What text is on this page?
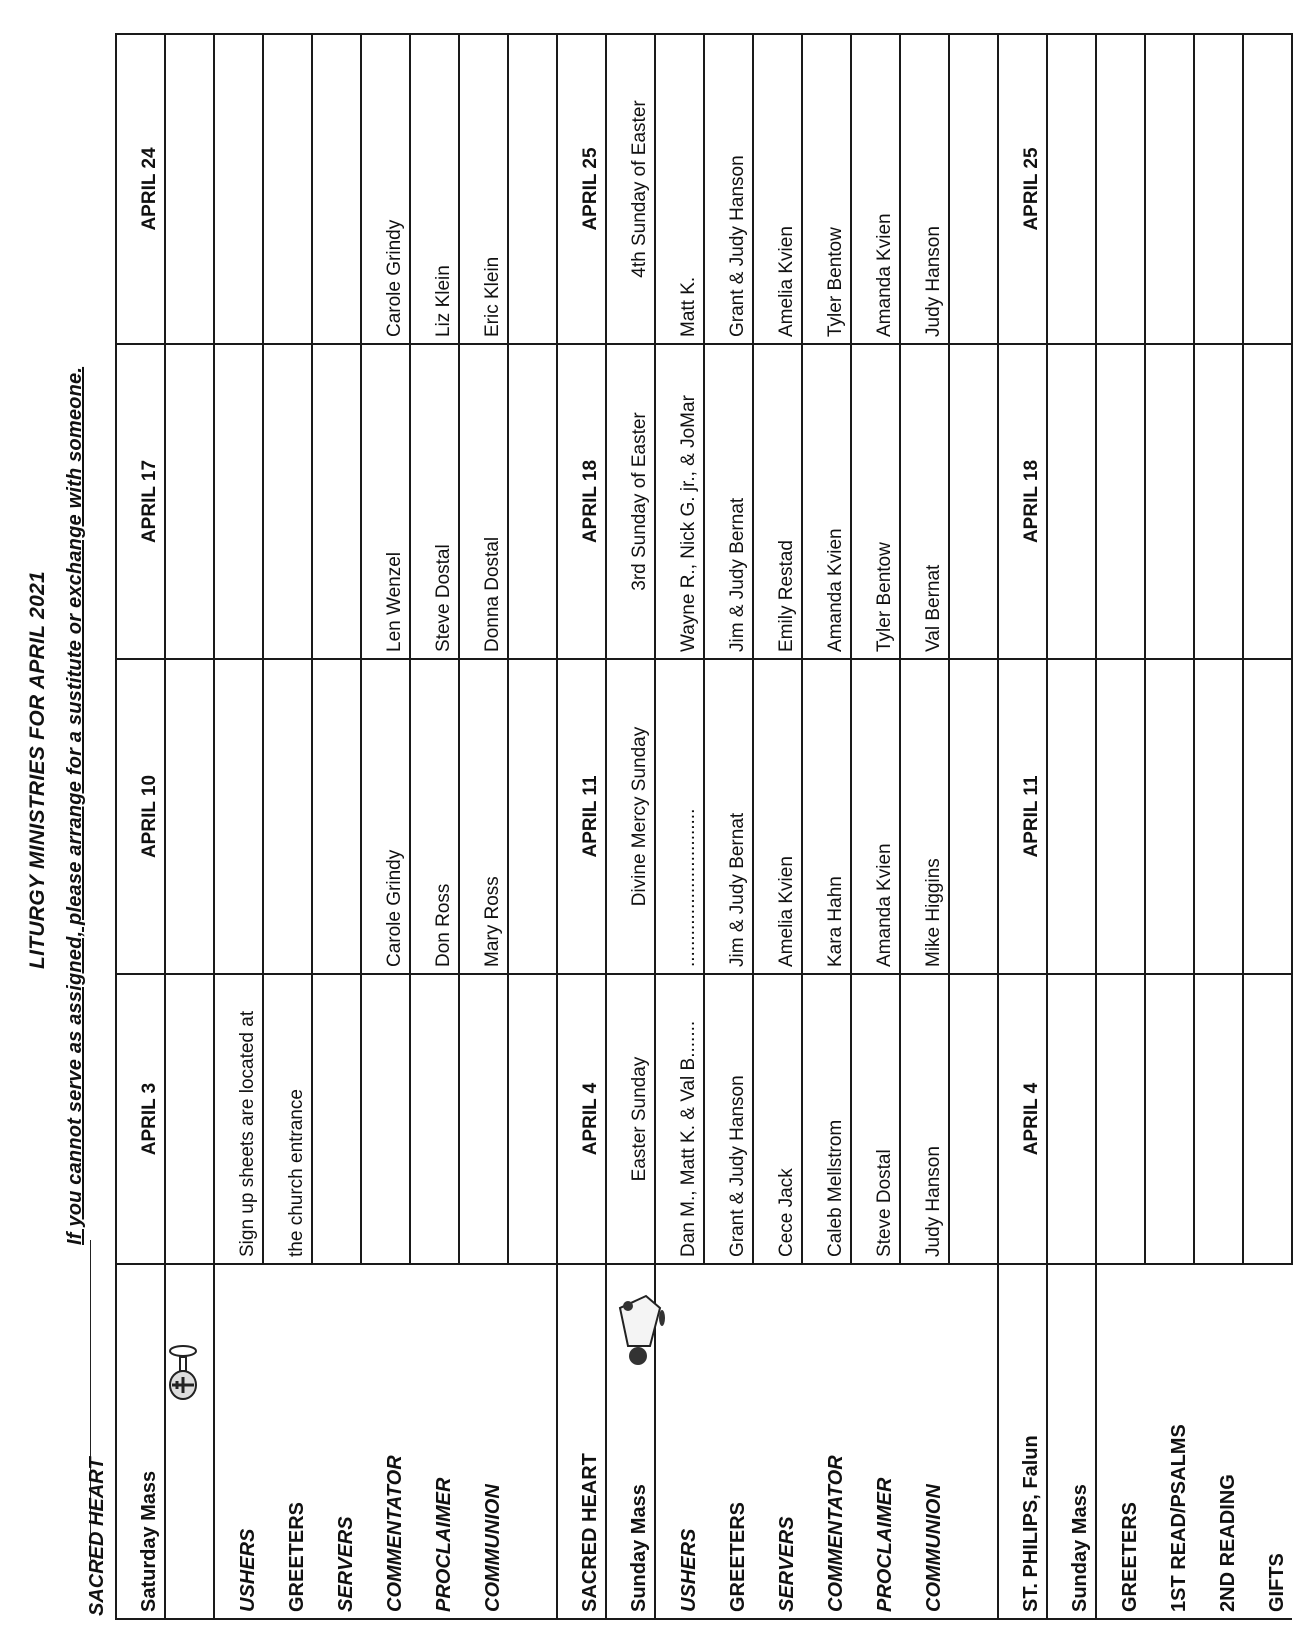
LITURGY MINISTRIES FOR APRIL 2021 If you cannot serve as assigned, please arrange for a sustitute or exchange with someone.
SACRED HEART Saturday Mass	APRIL 3	APRIL 10	APRIL 17	APRIL 24

USHERS	Sign up sheets are located at			
GREETERS	the church entrance			
SERVERS				
COMMENTATOR		Carole Grindy	Len Wenzel	Carole Grindy
PROCLAIMER		Don Ross	Steve Dostal	Liz Klein
COMMUNION		Mary Ross	Donna Dostal	Eric Klein

SACRED HEART	APRIL 4	APRIL 11	APRIL 18	APRIL 25
Sunday Mass	Easter Sunday	Divine Mercy Sunday	3rd Sunday of Easter	4th Sunday of Easter
USHERS	Dan M., Matt K. & Val B.......	..............................	Wayne R., Nick G. jr., & JoMar	Matt K.
GREETERS	Grant & Judy Hanson	Jim & Judy Bernat	Jim & Judy Bernat	Grant & Judy Hanson
SERVERS	Cece Jack	Amelia Kvien	Emily Restad	Amelia Kvien
COMMENTATOR	Caleb Mellstrom	Kara Hahn	Amanda Kvien	Tyler Bentow
PROCLAIMER	Steve Dostal	Amanda Kvien	Tyler Bentow	Amanda Kvien
COMMUNION	Judy Hanson	Mike Higgins	Val Bernat	Judy Hanson

ST. PHILIPS, Falun	APRIL 4	APRIL 11	APRIL 18	APRIL 25
Sunday Mass				
GREETERS				
1ST READ/PSALMS				
2ND READING				
GIFTS				
